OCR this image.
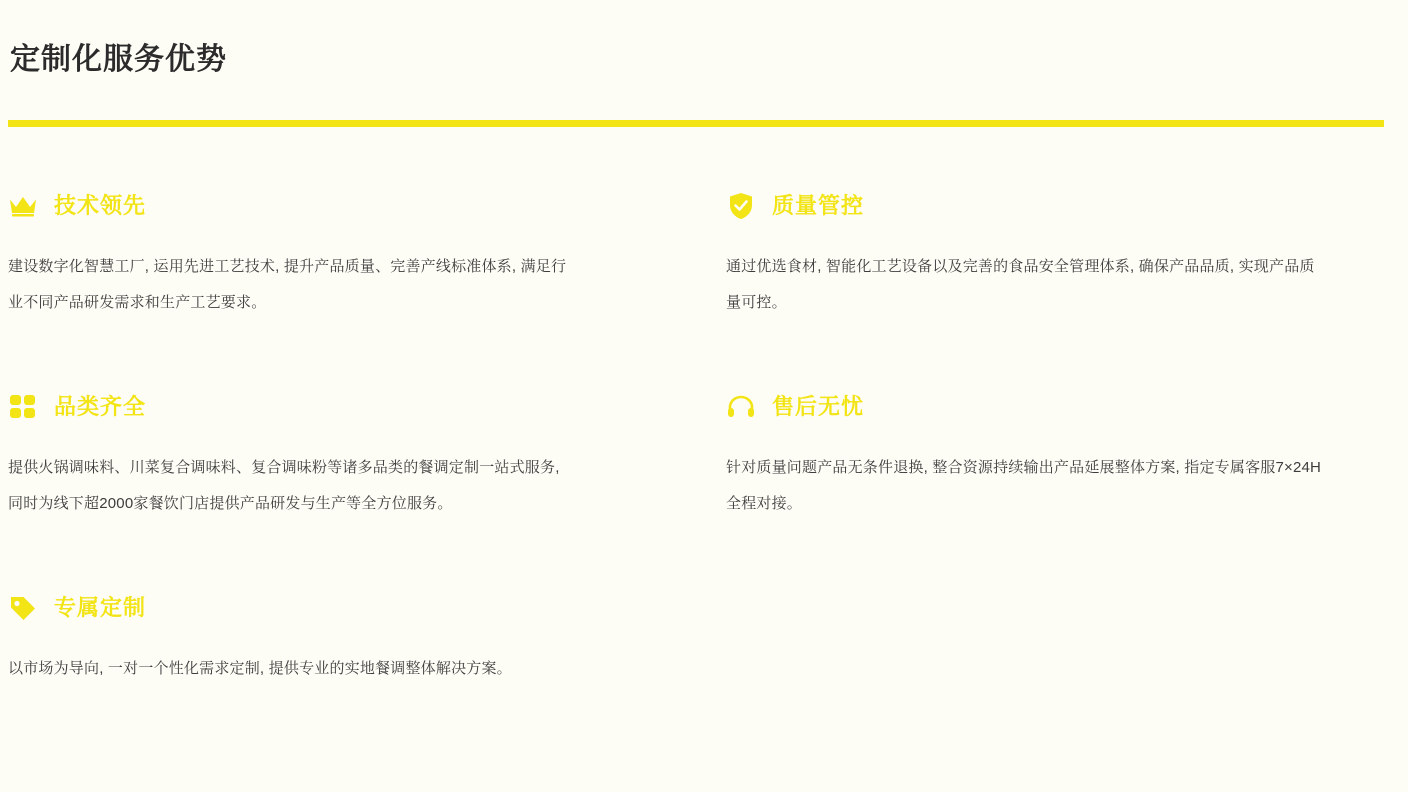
定制化服务优势
技术领先
建设数字化智慧工厂, 运用先进工艺技术, 提升产品质量、完善产线标准体系, 满足行业不同产品研发需求和生产工艺要求。
质量管控
通过优选食材, 智能化工艺设备以及完善的食品安全管理体系, 确保产品品质, 实现产品质量可控。
品类齐全
提供火锅调味料、川菜复合调味料、复合调味粉等诸多品类的餐调定制一站式服务, 同时为线下超2000家餐饮门店提供产品研发与生产等全方位服务。
售后无忧
针对质量问题产品无条件退换, 整合资源持续输出产品延展整体方案, 指定专属客服7×24H全程对接。
专属定制
以市场为导向, 一对一个性化需求定制, 提供专业的实地餐调整体解决方案。
